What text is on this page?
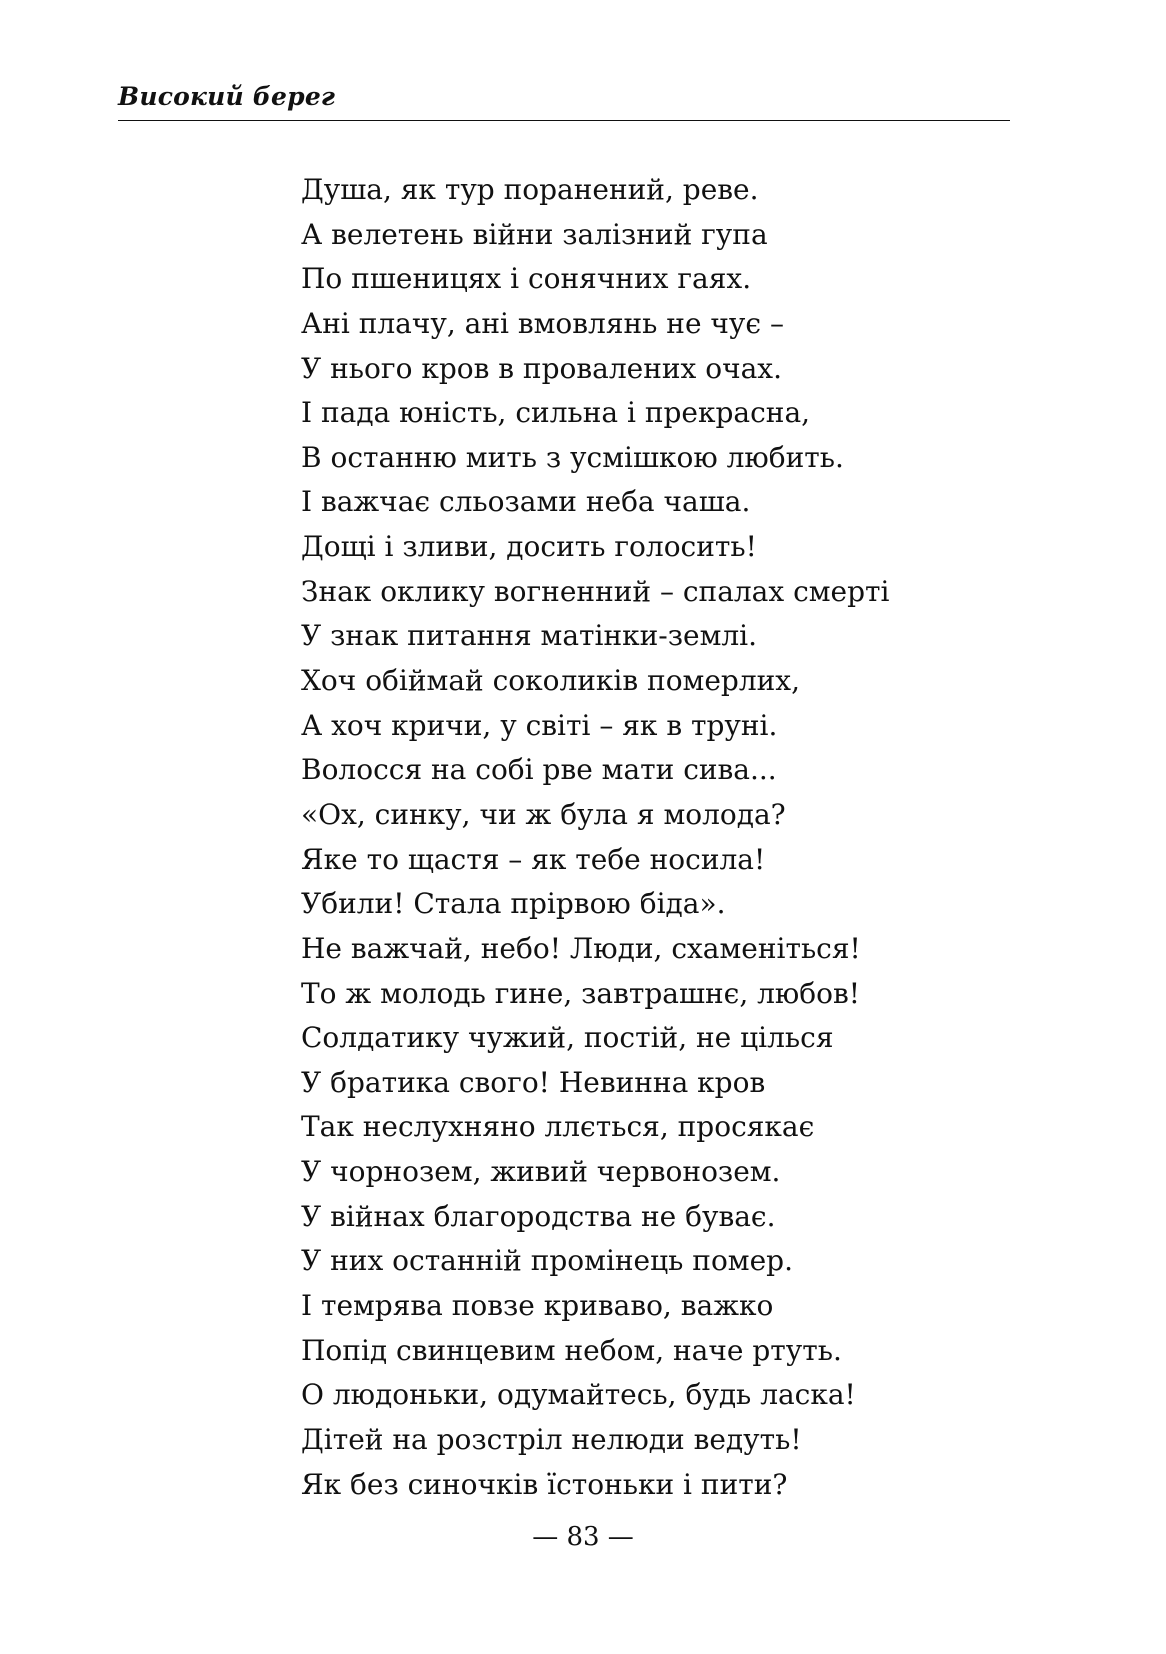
Високий берег
Душа, як тур поранений, реве.
А велетень війни залізний гупа
По пшеницях і сонячних гаях.
Ані плачу, ані вмовлянь не чує –
У нього кров в провалених очах.
І пада юність, сильна і прекрасна,
В останню мить з усмішкою любить.
І важчає сльозами неба чаша.
Дощі і зливи, досить голосить!
Знак оклику вогненний – спалах смерті
У знак питання матінки-землі.
Хоч обіймай соколиків померлих,
А хоч кричи, у світі – як в труні.
Волосся на собі рве мати сива...
«Ох, синку, чи ж була я молода?
Яке то щастя – як тебе носила!
Убили! Стала прірвою біда».
Не важчай, небо! Люди, схаменіться!
То ж молодь гине, завтрашнє, любов!
Солдатику чужий, постій, не цілься
У братика свого! Невинна кров
Так неслухняно ллється, просякає
У чорнозем, живий червонозем.
У війнах благородства не буває.
У них останній промінець помер.
І темрява повзе криваво, важко
Попід свинцевим небом, наче ртуть.
О людоньки, одумайтесь, будь ласка!
Дітей на розстріл нелюди ведуть!
Як без синочків їстоньки і пити?
— 83 —
